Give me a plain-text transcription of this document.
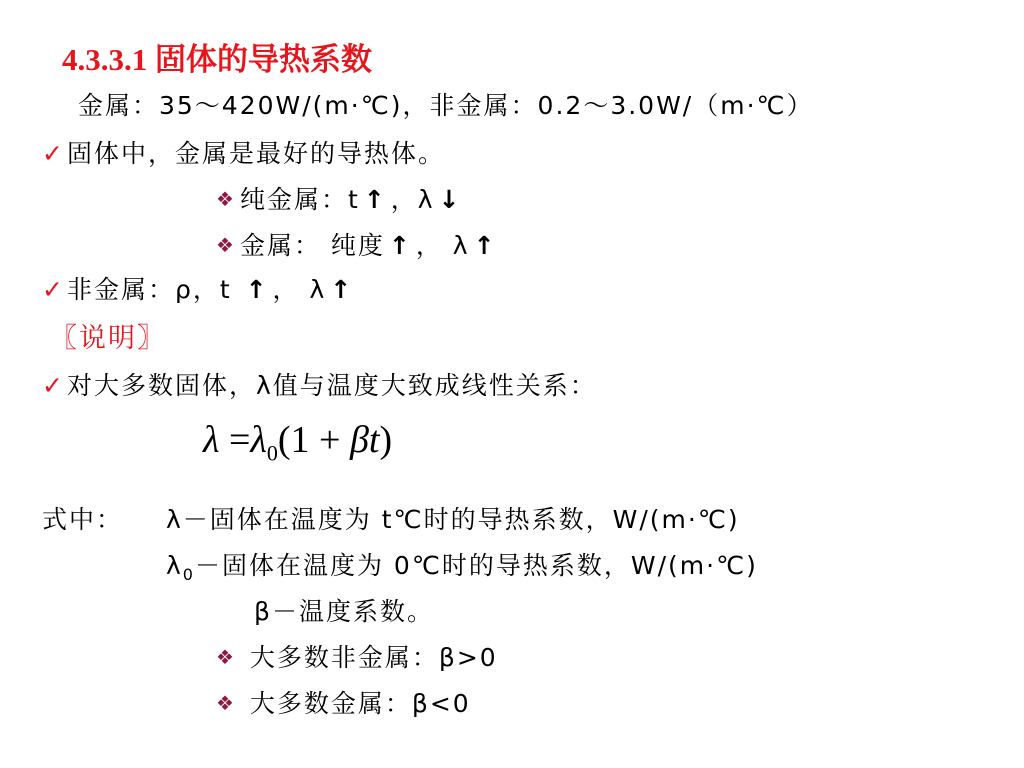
4.3.3.1 固体的导热系数
金属：35～420W/(m·℃)，非金属：0.2～3.0W/（m·℃）
✓固体中，金属是最好的导热体。
❖ 纯金属：t ↑ ，λ ↓
❖ 金属： 纯度 ↑ ， λ ↑
✓非金属：ρ，t ↑ ， λ ↑
〖说明〗
✓对大多数固体，λ值与温度大致成线性关系：
$\lambda =\lambda_0(1 + \beta t)$
式中： λ－固体在温度为 t℃时的导热系数，W/(m·℃)
$\lambda_0-$固体在温度为 0℃时的导热系数，W/(m·℃)
β－温度系数。
❖ 大多数非金属：β>0
❖ 大多数金属：β<0
